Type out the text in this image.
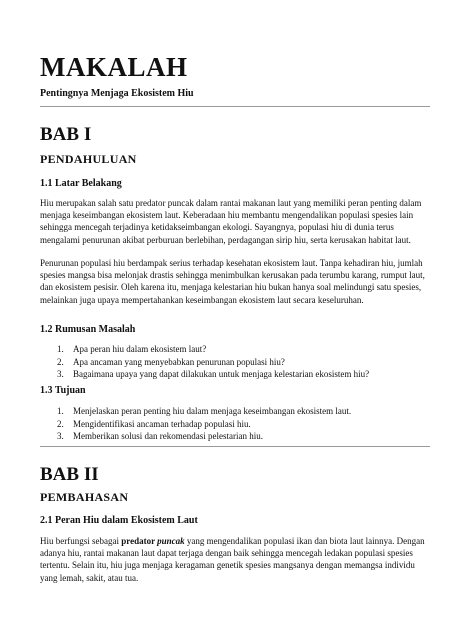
MAKALAH

Pentingnya Menjaga Ekosistem Hiu

BAB I
PENDAHULUAN
1.1 Latar Belakang

Hiu merupakan salah satu predator puncak dalam rantai makanan laut yang memiliki peran penting dalam menjaga keseimbangan ekosistem laut. Keberadaan hiu membantu mengendalikan populasi spesies lain sehingga mencegah terjadinya ketidakseimbangan ekologi. Sayangnya, populasi hiu di dunia terus mengalami penurunan akibat perburuan berlebihan, perdagangan sirip hiu, serta kerusakan habitat laut.

Penurunan populasi hiu berdampak serius terhadap kesehatan ekosistem laut. Tanpa kehadiran hiu, jumlah spesies mangsa bisa melonjak drastis sehingga menimbulkan kerusakan pada terumbu karang, rumput laut, dan ekosistem pesisir. Oleh karena itu, menjaga kelestarian hiu bukan hanya soal melindungi satu spesies, melainkan juga upaya mempertahankan keseimbangan ekosistem laut secara keseluruhan.

1.2 Rumusan Masalah
1. Apa peran hiu dalam ekosistem laut?
2. Apa ancaman yang menyebabkan penurunan populasi hiu?
3. Bagaimana upaya yang dapat dilakukan untuk menjaga kelestarian ekosistem hiu?
1.3 Tujuan
1. Menjelaskan peran penting hiu dalam menjaga keseimbangan ekosistem laut.
2. Mengidentifikasi ancaman terhadap populasi hiu.
3. Memberikan solusi dan rekomendasi pelestarian hiu.
BAB II
PEMBAHASAN
2.1 Peran Hiu dalam Ekosistem Laut

Hiu berfungsi sebagai predator puncak yang mengendalikan populasi ikan dan biota laut lainnya. Dengan adanya hiu, rantai makanan laut dapat terjaga dengan baik sehingga mencegah ledakan populasi spesies tertentu. Selain itu, hiu juga menjaga keragaman genetik spesies mangsanya dengan memangsa individu yang lemah, sakit, atau tua.
